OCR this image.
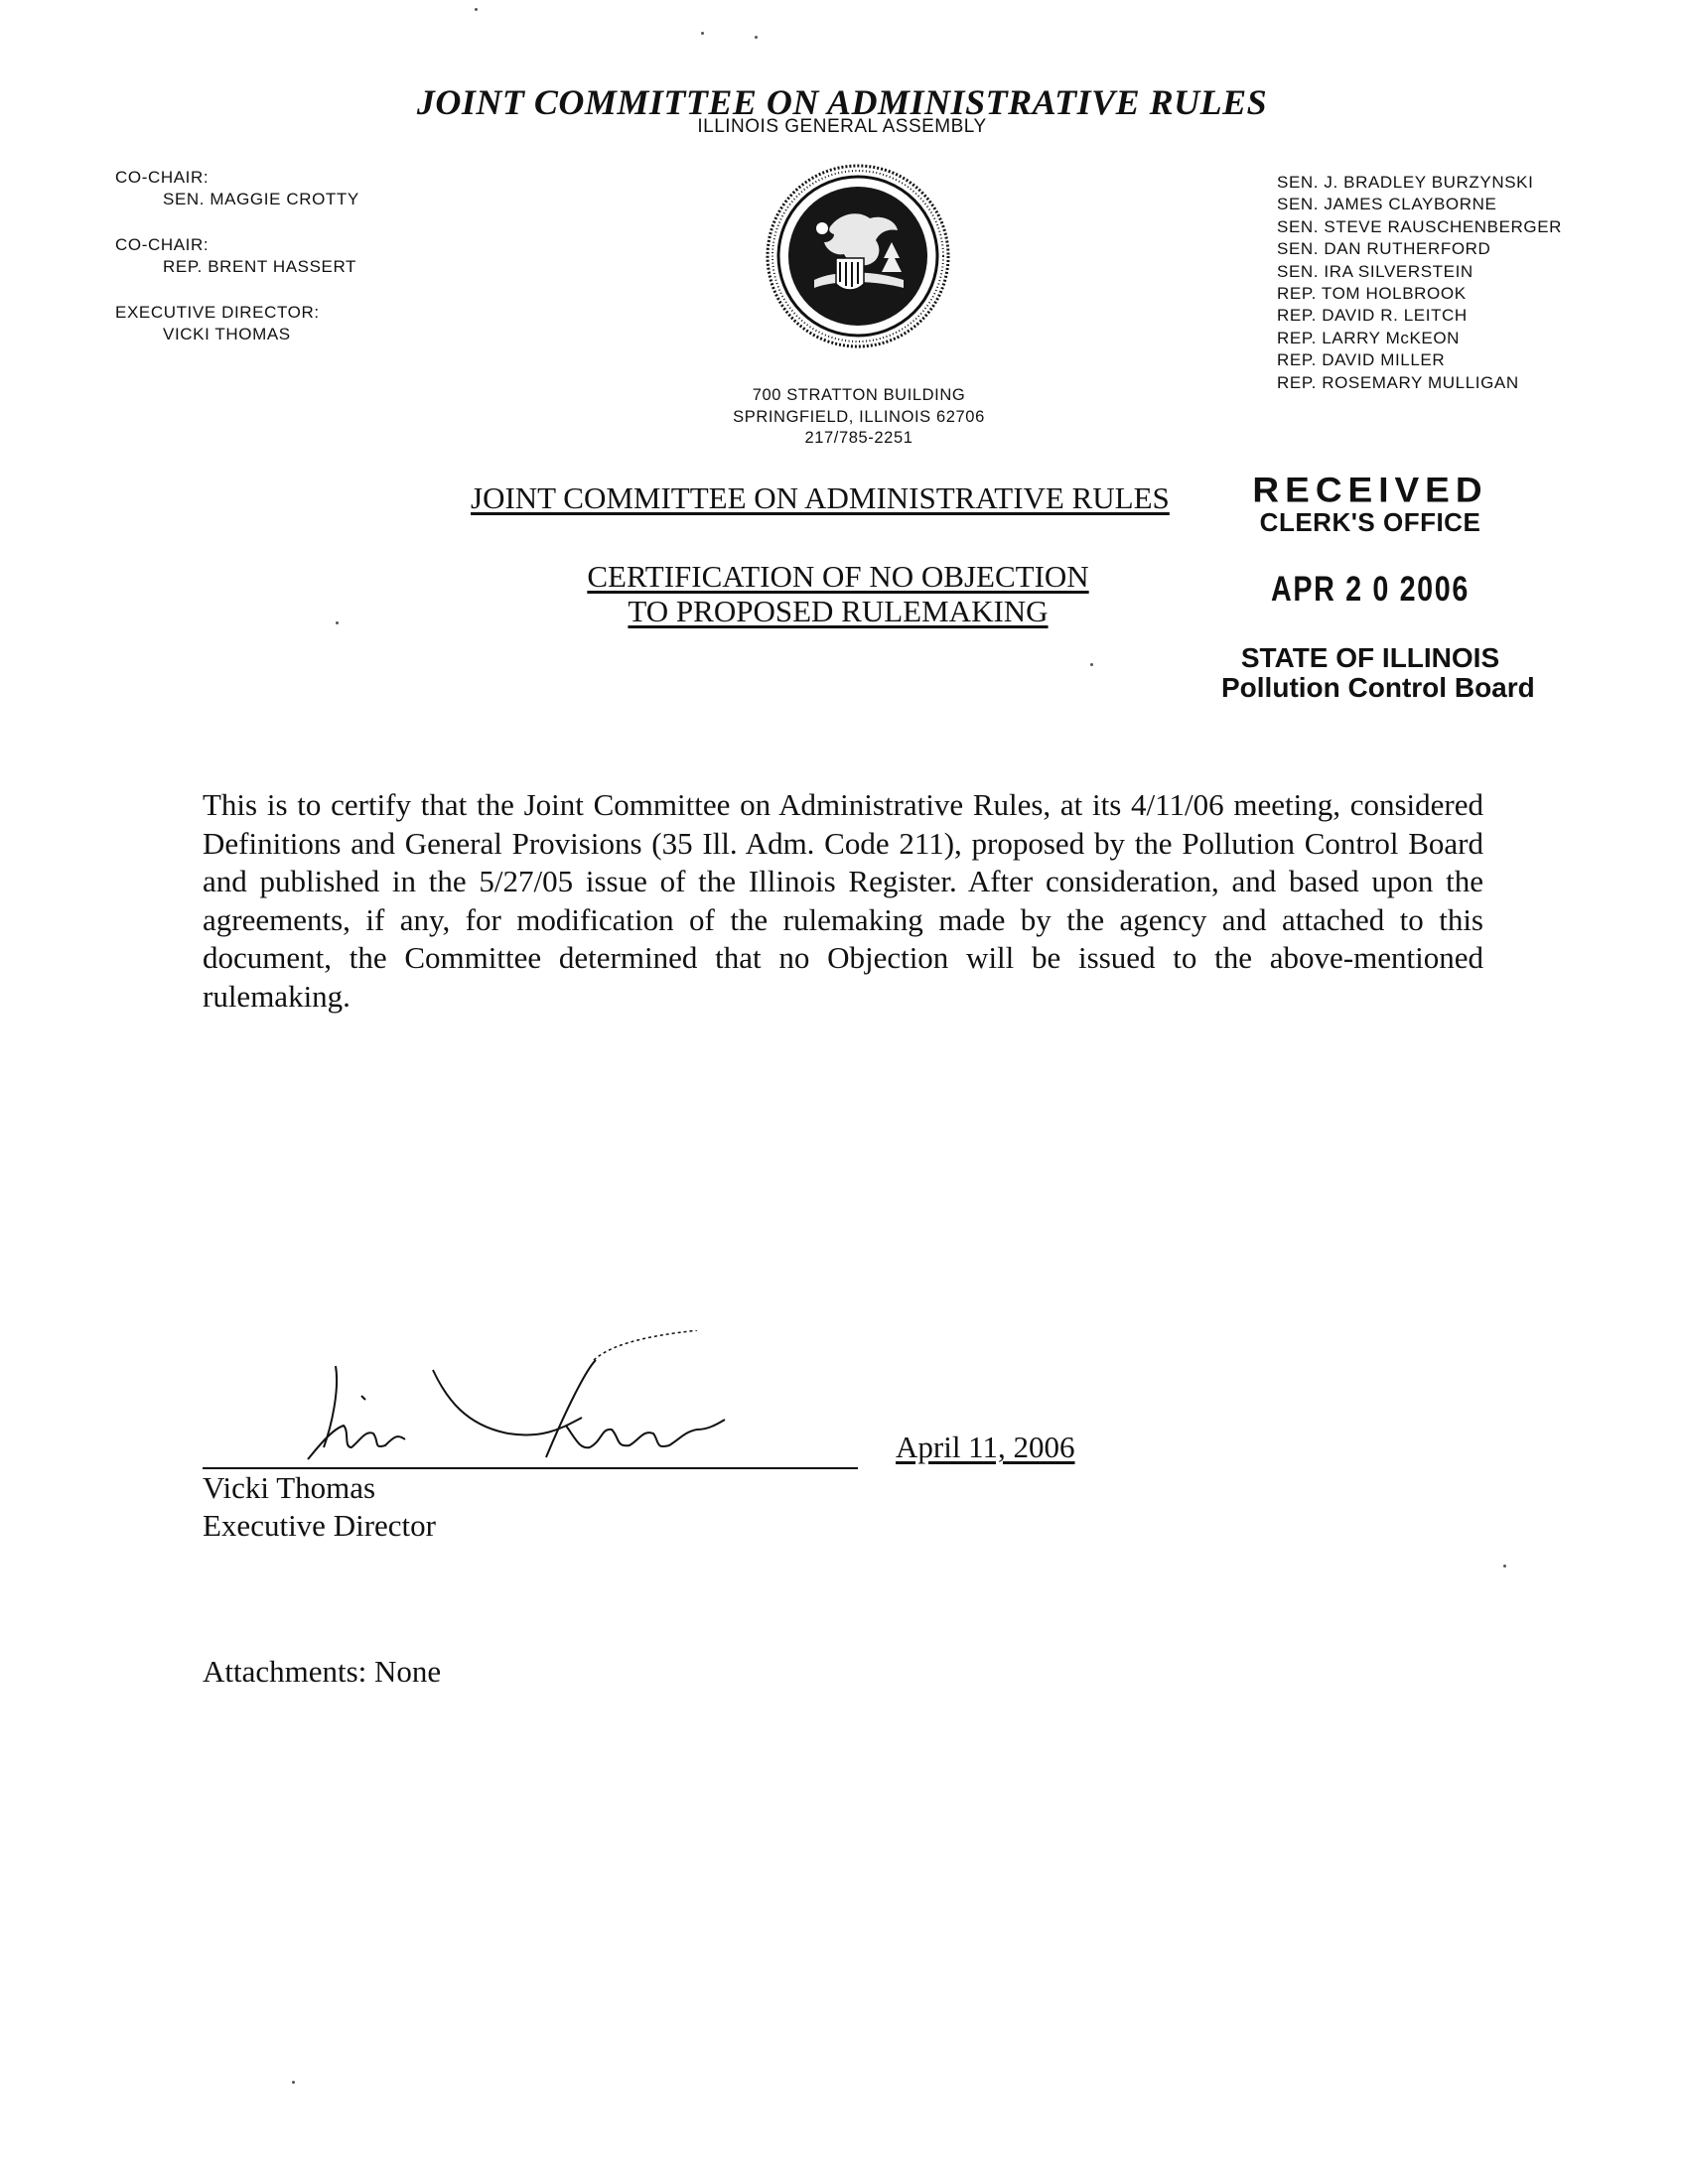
JOINT COMMITTEE ON ADMINISTRATIVE RULES
ILLINOIS GENERAL ASSEMBLY
CO-CHAIR:
SEN. MAGGIE CROTTY
CO-CHAIR:
REP. BRENT HASSERT
EXECUTIVE DIRECTOR:
VICKI THOMAS
SEN. J. BRADLEY BURZYNSKI
SEN. JAMES CLAYBORNE
SEN. STEVE RAUSCHENBERGER
SEN. DAN RUTHERFORD
SEN. IRA SILVERSTEIN
REP. TOM HOLBROOK
REP. DAVID R. LEITCH
REP. LARRY McKEON
REP. DAVID MILLER
REP. ROSEMARY MULLIGAN
700 STRATTON BUILDING
SPRINGFIELD, ILLINOIS 62706
217/785-2251
JOINT COMMITTEE ON ADMINISTRATIVE RULES
CERTIFICATION OF NO OBJECTION
TO PROPOSED RULEMAKING
RECEIVED
CLERK'S OFFICE
APR 2 0 2006
STATE OF ILLINOIS
Pollution Control Board
This is to certify that the Joint Committee on Administrative Rules, at its 4/11/06 meeting, considered Definitions and General Provisions (35 Ill. Adm. Code 211), proposed by the Pollution Control Board and published in the 5/27/05 issue of the Illinois Register. After consideration, and based upon the agreements, if any, for modification of the rulemaking made by the agency and attached to this document, the Committee determined that no Objection will be issued to the above-mentioned rulemaking.
April 11, 2006
Vicki Thomas
Executive Director
Attachments: None
